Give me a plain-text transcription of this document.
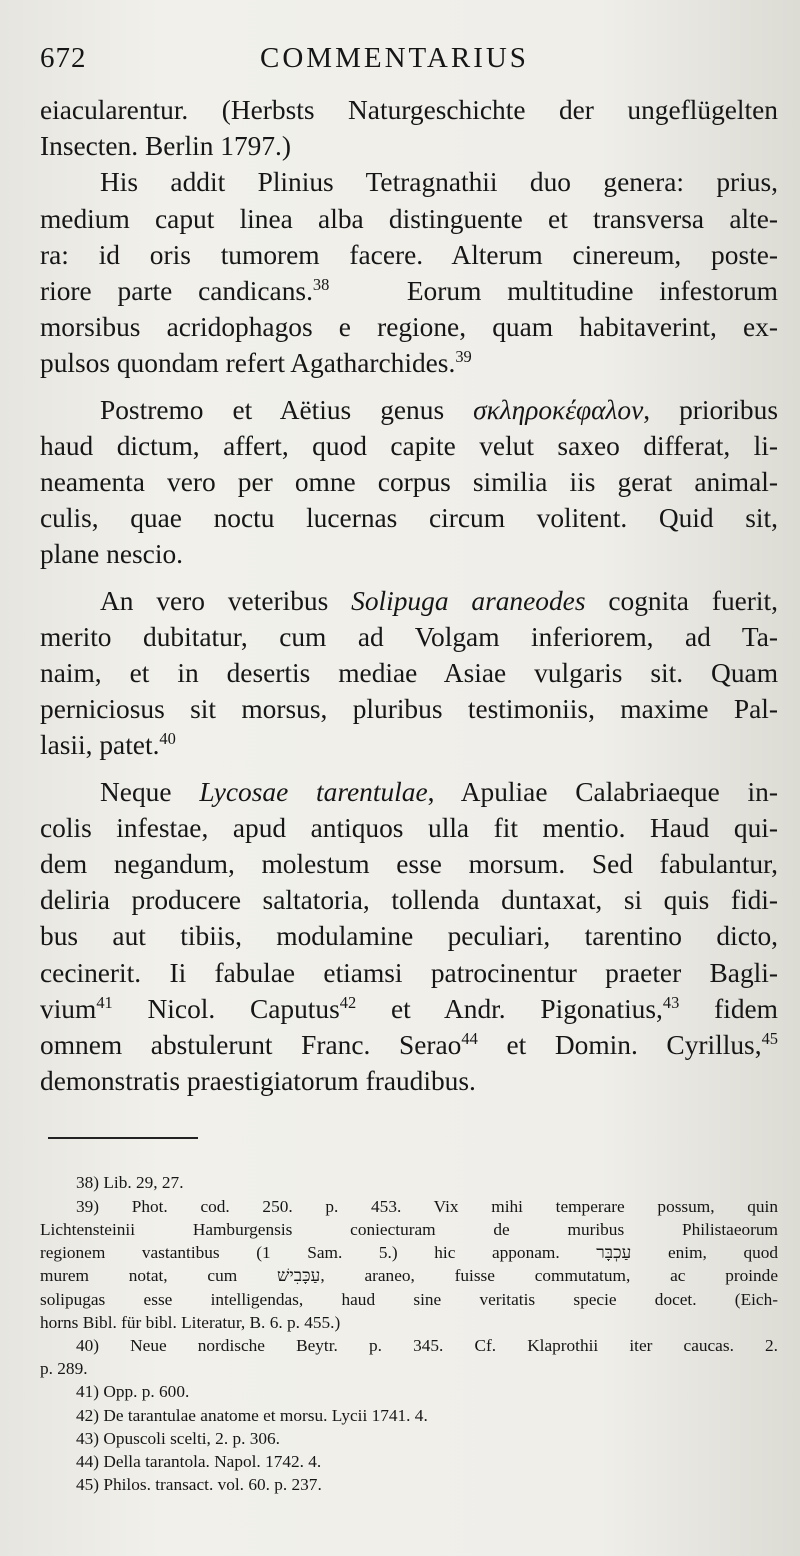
672	COMMENTARIUS
eiacularentur. (Herbsts Naturgeschichte der ungeflügelten
Insecten. Berlin 1797.)
His addit Plinius Tetragnathii duo genera: prius,
medium caput linea alba distinguente et transversa alte-
ra: id oris tumorem facere. Alterum cinereum, poste-
riore parte candicans.$^{38}$	Eorum multitudine infestorum
morsibus acridophagos e regione, quam habitaverint, ex-
pulsos quondam refert Agatharchides.$^{39}$
Postremo et Aëtius genus σκληροκέφαλον, prioribus
haud dictum, affert, quod capite velut saxeo differat, li-
neamenta vero per omne corpus similia iis gerat animal-
culis, quae noctu lucernas circum volitent. Quid sit,
plane nescio.
An vero veteribus Solipuga araneodes cognita fuerit,
merito dubitatur, cum ad Volgam inferiorem, ad Ta-
naim, et in desertis mediae Asiae vulgaris sit. Quam
perniciosus sit morsus, pluribus testimoniis, maxime Pal-
lasii, patet.$^{40}$
Neque Lycosae tarentulae, Apuliae Calabriaeque in-
colis infestae, apud antiquos ulla fit mentio. Haud qui-
dem negandum, molestum esse morsum. Sed fabulantur,
deliria producere saltatoria, tollenda duntaxat, si quis fidi-
bus aut tibiis, modulamine peculiari, tarentino dicto,
cecinerit. Ii fabulae etiamsi patrocinentur praeter Bagli-
vium$^{41}$ Nicol. Caputus$^{42}$ et Andr. Pigonatius,$^{43}$ fidem
omnem abstulerunt Franc. Serao$^{44}$ et Domin. Cyrillus,$^{45}$
demonstratis praestigiatorum fraudibus.
38) Lib. 29, 27.
39) Phot. cod. 250. p. 453. Vix mihi temperare possum, quin
Lichtensteinii Hamburgensis coniecturam de muribus Philistaeorum
regionem vastantibus (1 Sam. 5.) hic apponam. עַכְבָּר enim, quod
murem notat, cum עַכָּבִישׁ, araneo, fuisse commutatum, ac proinde
solipugas esse intelligendas, haud sine veritatis specie docet. (Eich-
horns Bibl. für bibl. Literatur, B. 6. p. 455.)
40) Neue nordische Beytr. p. 345. Cf. Klaprothii iter caucas. 2.
p. 289.
41) Opp. p. 600.
42) De tarantulae anatome et morsu. Lycii 1741. 4.
43) Opuscoli scelti, 2. p. 306.
44) Della tarantola. Napol. 1742. 4.
45) Philos. transact. vol. 60. p. 237.
